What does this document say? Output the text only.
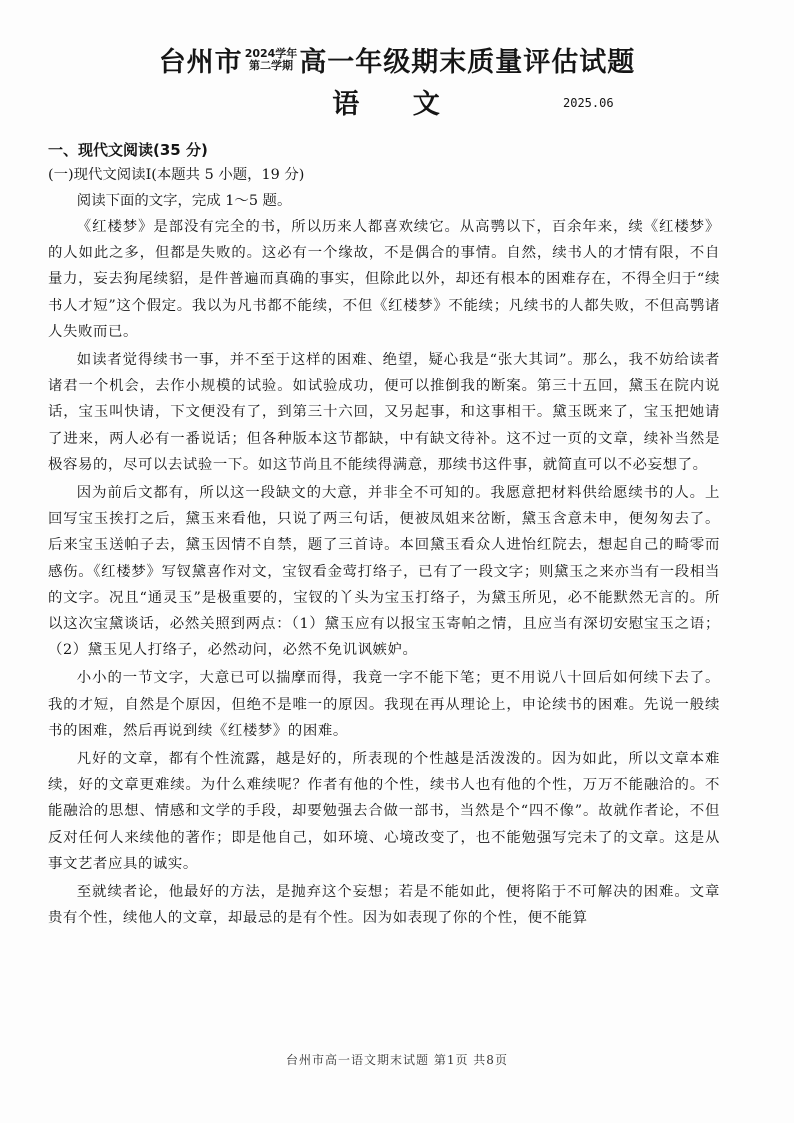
台州市 2024学年
第二学期 高一年级期末质量评估试题
语 文	2025.06
一、现代文阅读(35 分)
(一)现代文阅读Ⅰ(本题共 5 小题，19 分)
阅读下面的文字，完成 1～5 题。

《红楼梦》是部没有完全的书，所以历来人都喜欢续它。从高鹗以下，百余年来，续《红楼梦》的人如此之多，但都是失败的。这必有一个缘故，不是偶合的事情。自然，续书人的才情有限，不自量力，妄去狗尾续貂，是件普遍而真确的事实，但除此以外，却还有根本的困难存在，不得全归于“续书人才短”这个假定。我以为凡书都不能续，不但《红楼梦》不能续；凡续书的人都失败，不但高鹗诸人失败而已。

如读者觉得续书一事，并不至于这样的困难、绝望，疑心我是“张大其词”。那么，我不妨给读者诸君一个机会，去作小规模的试验。如试验成功，便可以推倒我的断案。第三十五回，黛玉在院内说话，宝玉叫快请，下文便没有了，到第三十六回，又另起事，和这事相干。黛玉既来了，宝玉把她请了进来，两人必有一番说话；但各种版本这节都缺，中有缺文待补。这不过一页的文章，续补当然是极容易的，尽可以去试验一下。如这节尚且不能续得满意，那续书这件事，就简直可以不必妄想了。

因为前后文都有，所以这一段缺文的大意，并非全不可知的。我愿意把材料供给愿续书的人。上回写宝玉挨打之后，黛玉来看他，只说了两三句话，便被凤姐来岔断，黛玉含意未申，便匆匆去了。后来宝玉送帕子去，黛玉因情不自禁，题了三首诗。本回黛玉看众人进怡红院去，想起自己的畸零而感伤。《红楼梦》写钗黛喜作对文，宝钗看金莺打络子，已有了一段文字；则黛玉之来亦当有一段相当的文字。况且“通灵玉”是极重要的，宝钗的丫头为宝玉打络子，为黛玉所见，必不能默然无言的。所以这次宝黛谈话，必然关照到两点：（1）黛玉应有以报宝玉寄帕之情，且应当有深切安慰宝玉之语；（2）黛玉见人打络子，必然动问，必然不免讥讽嫉妒。

小小的一节文字，大意已可以揣摩而得，我竟一字不能下笔；更不用说八十回后如何续下去了。我的才短，自然是个原因，但绝不是唯一的原因。我现在再从理论上，申论续书的困难。先说一般续书的困难，然后再说到续《红楼梦》的困难。

凡好的文章，都有个性流露，越是好的，所表现的个性越是活泼泼的。因为如此，所以文章本难续，好的文章更难续。为什么难续呢？作者有他的个性，续书人也有他的个性，万万不能融洽的。不能融洽的思想、情感和文学的手段，却要勉强去合做一部书，当然是个“四不像”。故就作者论，不但反对任何人来续他的著作；即是他自己，如环境、心境改变了，也不能勉强写完未了的文章。这是从事文艺者应具的诚实。

至就续者论，他最好的方法，是抛弃这个妄想；若是不能如此，便将陷于不可解决的困难。文章贵有个性，续他人的文章，却最忌的是有个性。因为如表现了你的个性，便不能算

台州市高一语文期末试题 第1页 共8页
